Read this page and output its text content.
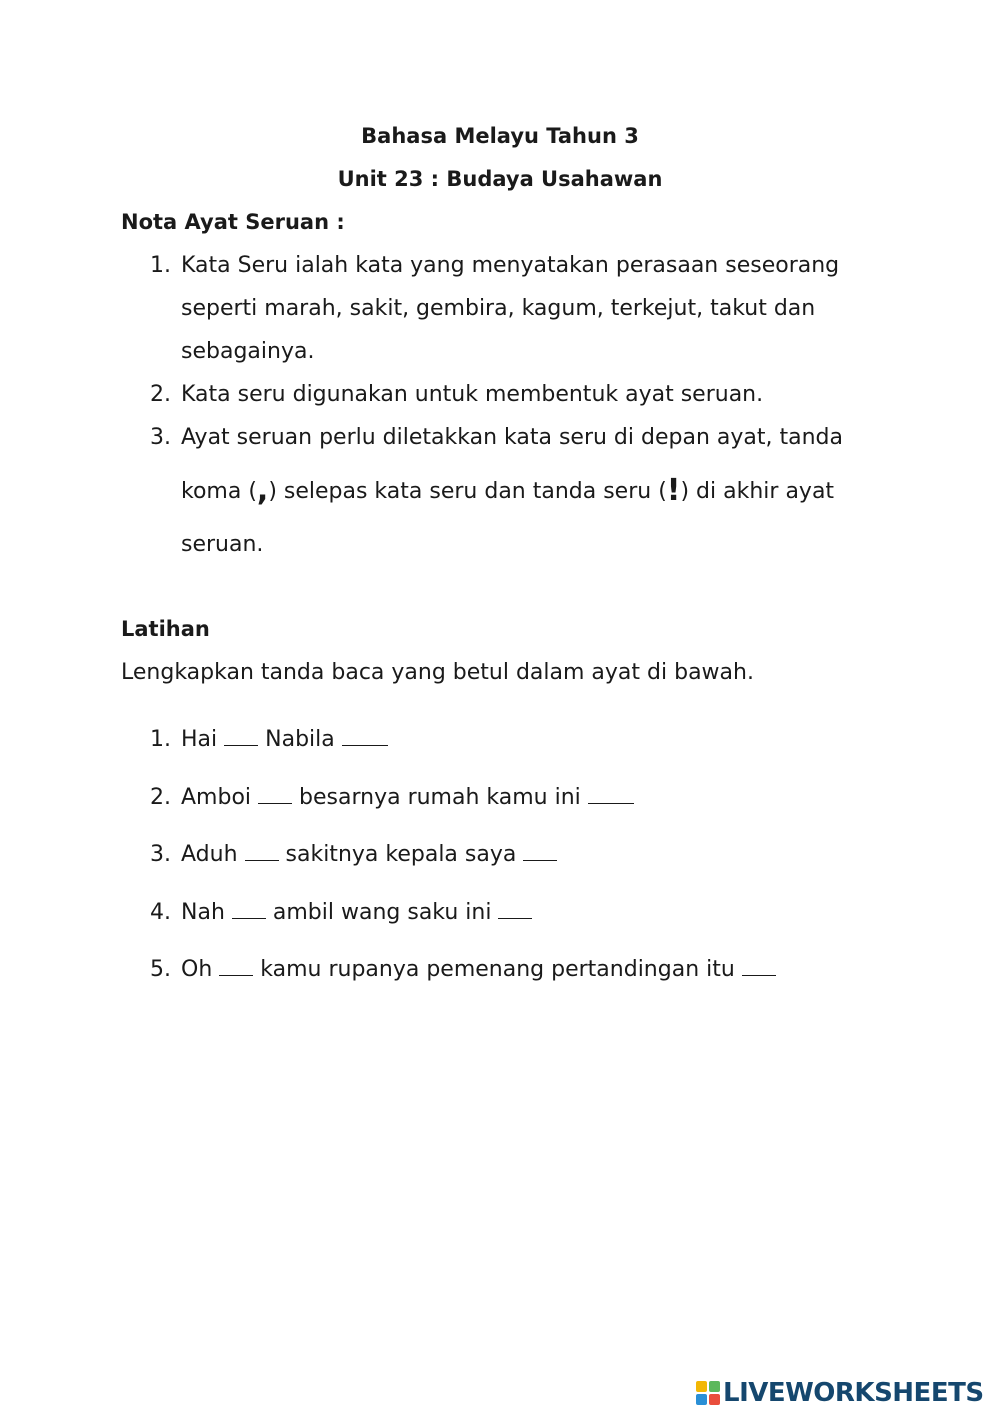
Bahasa Melayu Tahun 3
Unit 23 : Budaya Usahawan
Nota Ayat Seruan :
1. Kata Seru ialah kata yang menyatakan perasaan seseorang
seperti marah, sakit, gembira, kagum, terkejut, takut dan
sebagainya.
2. Kata seru digunakan untuk membentuk ayat seruan.
3. Ayat seruan perlu diletakkan kata seru di depan ayat, tanda
koma (,) selepas kata seru dan tanda seru (!) di akhir ayat
seruan.
Latihan
Lengkapkan tanda baca yang betul dalam ayat di bawah.
1. Hai Nabila
2. Amboi besarnya rumah kamu ini
3. Aduh sakitnya kepala saya
4. Nah ambil wang saku ini
5. Oh kamu rupanya pemenang pertandingan itu
LIVEWORKSHEETS
